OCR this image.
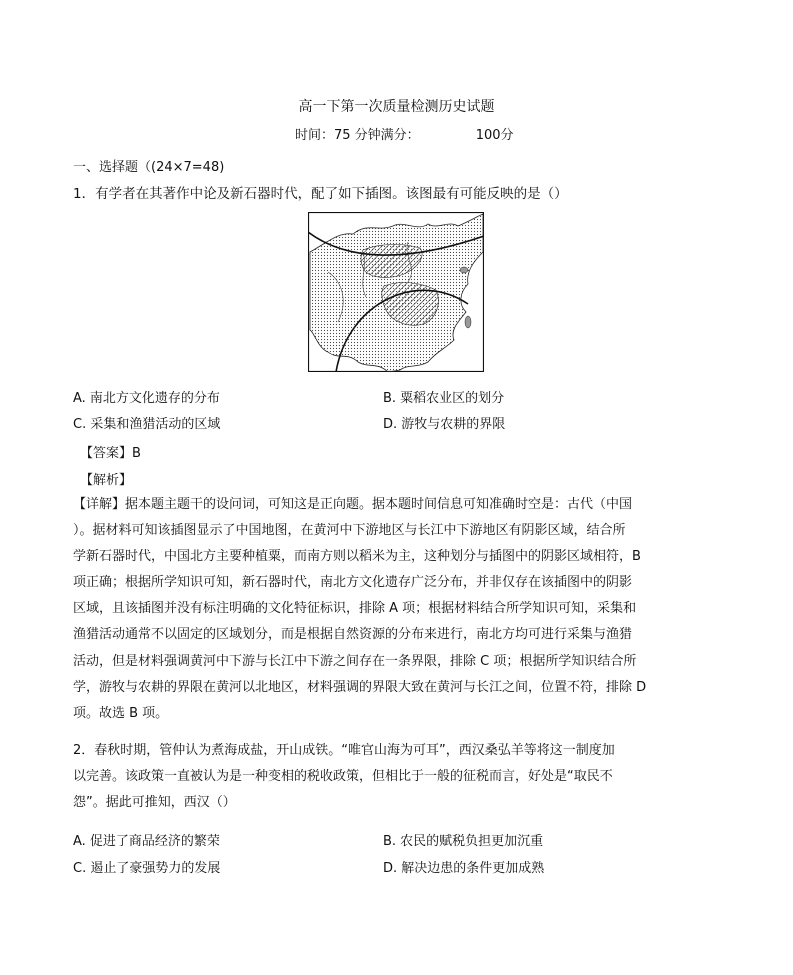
高一下第一次质量检测历史试题
时间：75 分钟满分：	100分
一、选择题（(24×7=48)
1．有学者在其著作中论及新石器时代，配了如下插图。该图最有可能反映的是（）
A. 南北方文化遗存的分布	B. 粟稻农业区的划分
C. 采集和渔猎活动的区域	D. 游牧与农耕的界限
【答案】B
【解析】

【详解】据本题主题干的设问词，可知这是正向题。据本题时间信息可知准确时空是：古代（中国

）。据材料可知该插图显示了中国地图，在黄河中下游地区与长江中下游地区有阴影区域，结合所

学新石器时代，中国北方主要种植粟，而南方则以稻米为主，这种划分与插图中的阴影区域相符，B

项正确；根据所学知识可知，新石器时代，南北方文化遗存广泛分布，并非仅存在该插图中的阴影

区域，且该插图并没有标注明确的文化特征标识，排除 A 项；根据材料结合所学知识可知，采集和

渔猎活动通常不以固定的区域划分，而是根据自然资源的分布来进行，南北方均可进行采集与渔猎

活动，但是材料强调黄河中下游与长江中下游之间存在一条界限，排除 C 项；根据所学知识结合所

学，游牧与农耕的界限在黄河以北地区，材料强调的界限大致在黄河与长江之间，位置不符，排除 D

项。故选 B 项。

2．春秋时期，管仲认为煮海成盐，开山成铁。“唯官山海为可耳”，西汉桑弘羊等将这一制度加

以完善。该政策一直被认为是一种变相的税收政策，但相比于一般的征税而言，好处是“取民不

怨”。据此可推知，西汉（）

A. 促进了商品经济的繁荣	B. 农民的赋税负担更加沉重
C. 遏止了豪强势力的发展	D. 解决边患的条件更加成熟
